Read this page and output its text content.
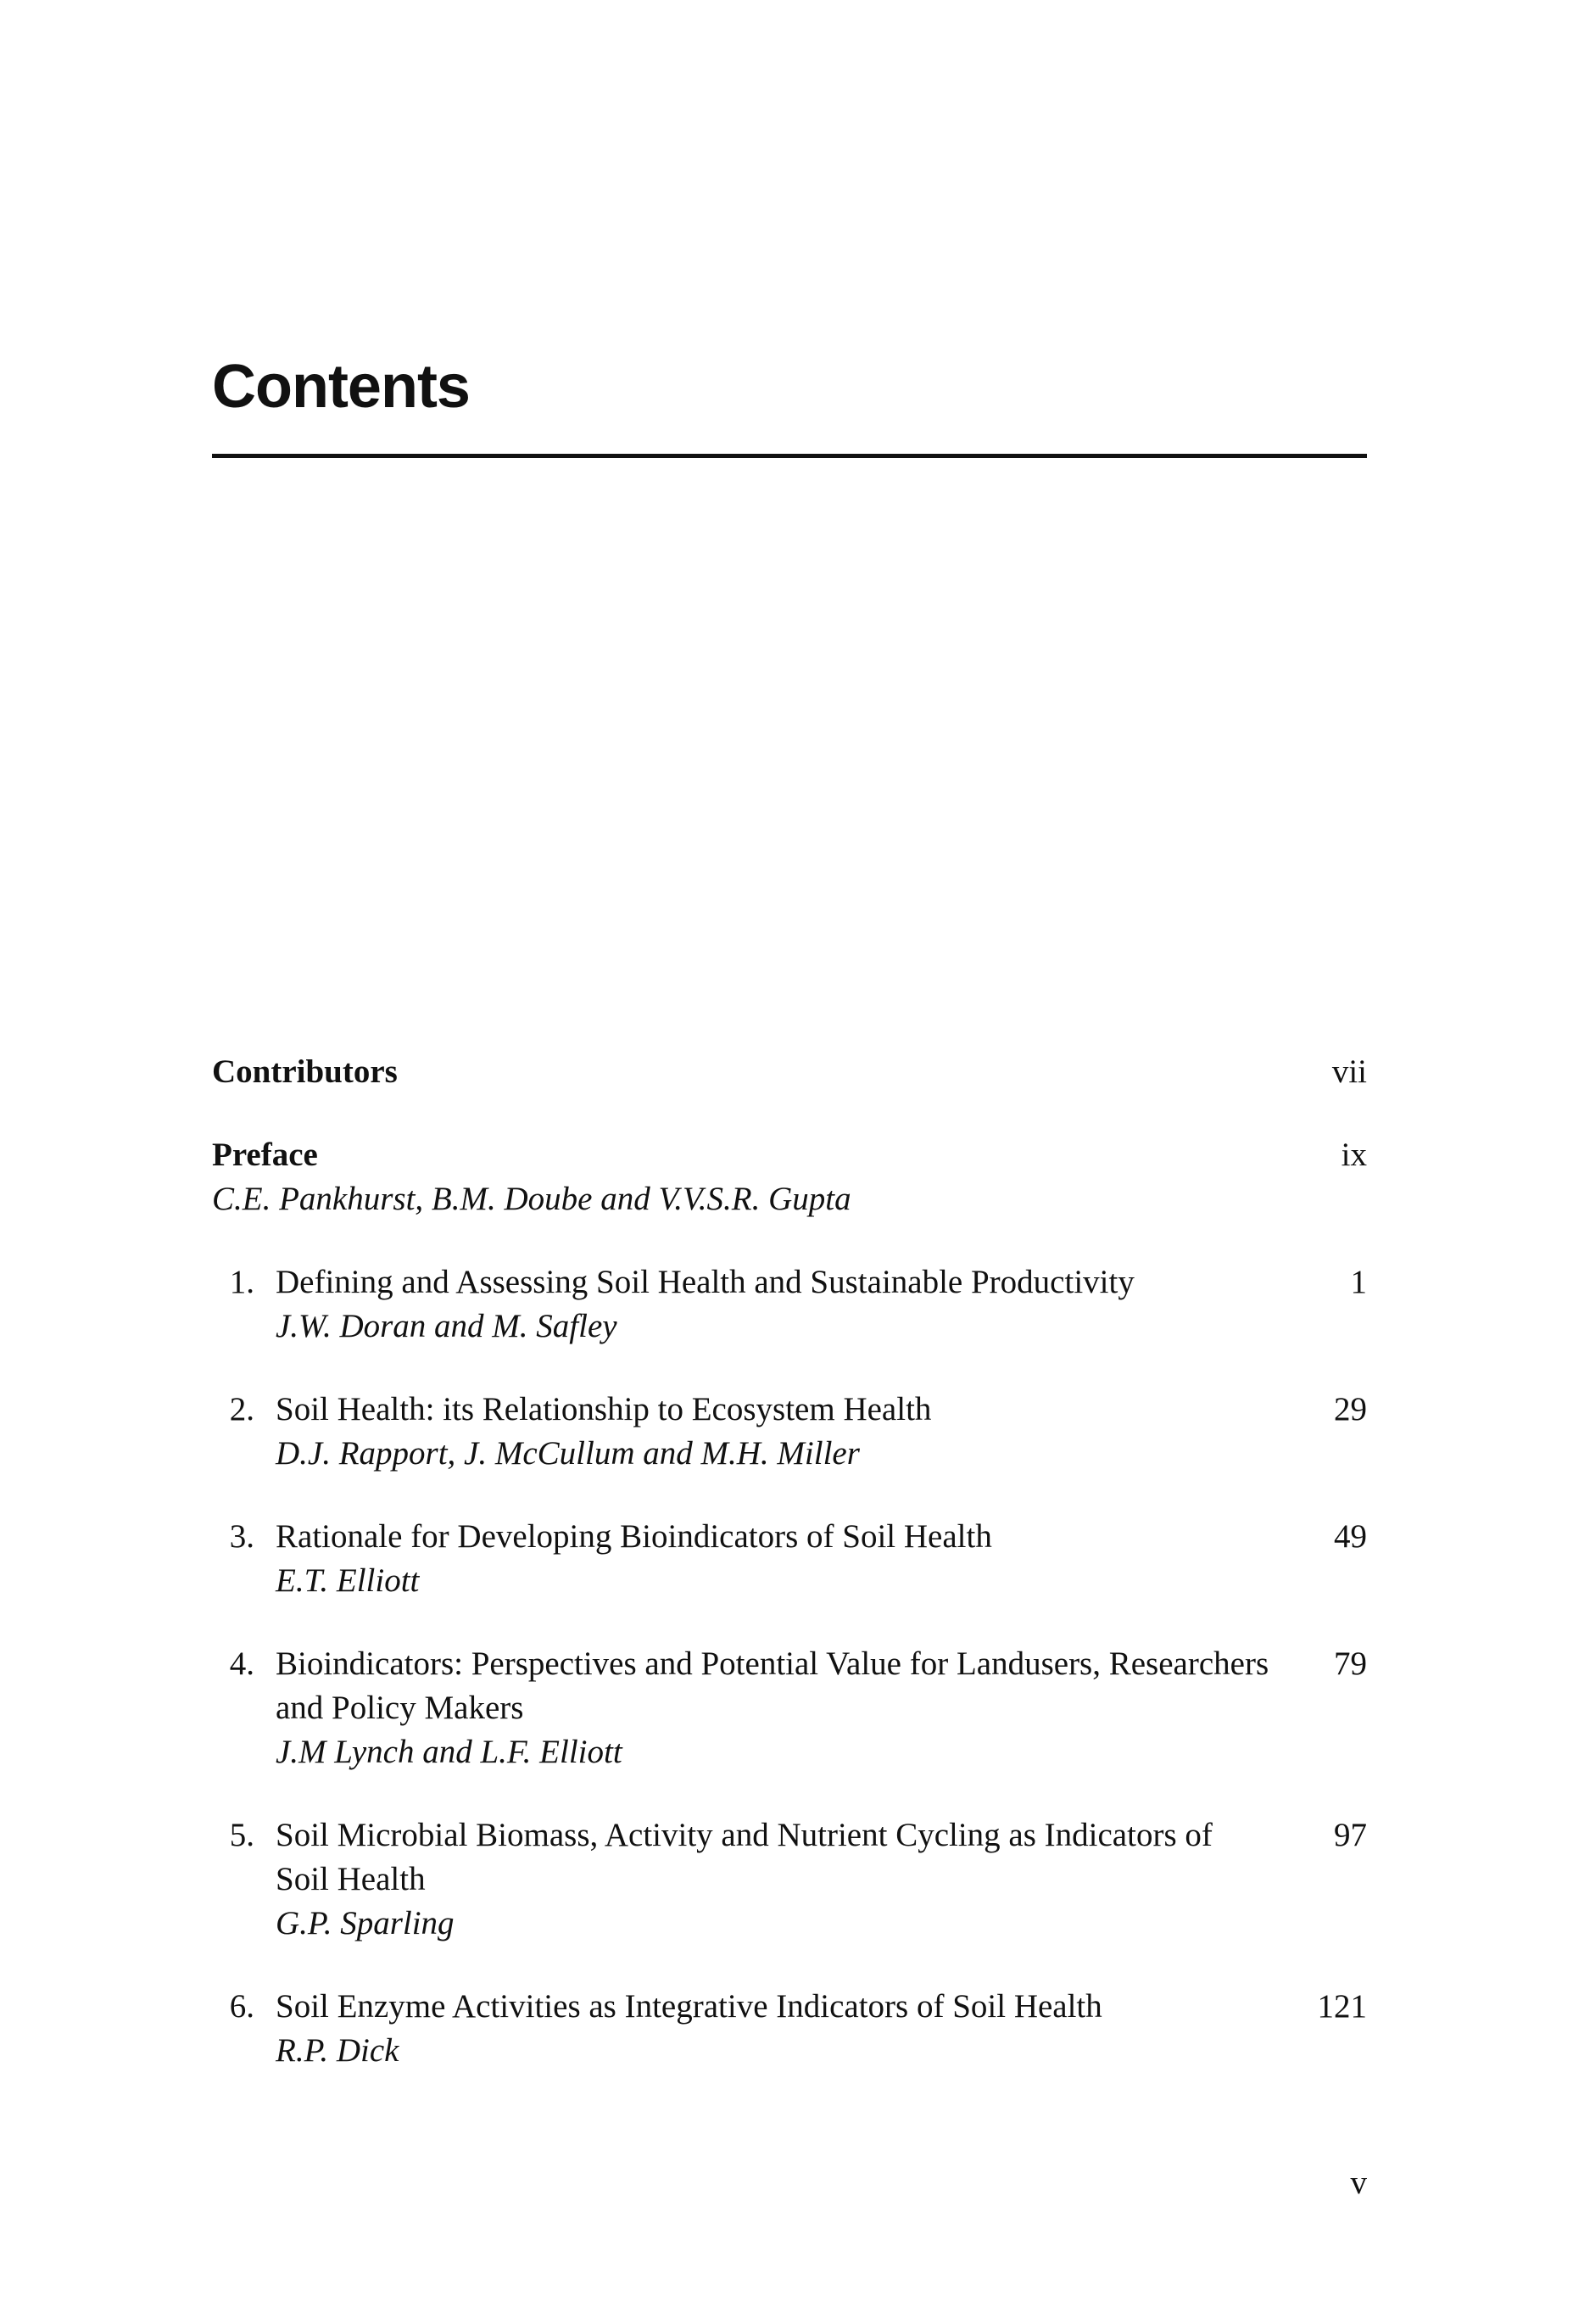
Contents
Contributors	vii
Preface	ix
C.E. Pankhurst, B.M. Doube and V.V.S.R. Gupta
1. Defining and Assessing Soil Health and Sustainable Productivity
J.W. Doran and M. Safley
1
2. Soil Health: its Relationship to Ecosystem Health
D.J. Rapport, J. McCullum and M.H. Miller
29
3. Rationale for Developing Bioindicators of Soil Health
E.T. Elliott
49
4. Bioindicators: Perspectives and Potential Value for Landusers, Researchers and Policy Makers
J.M Lynch and L.F. Elliott
79
5. Soil Microbial Biomass, Activity and Nutrient Cycling as Indicators of Soil Health
G.P. Sparling
97
6. Soil Enzyme Activities as Integrative Indicators of Soil Health
R.P. Dick
121
v
